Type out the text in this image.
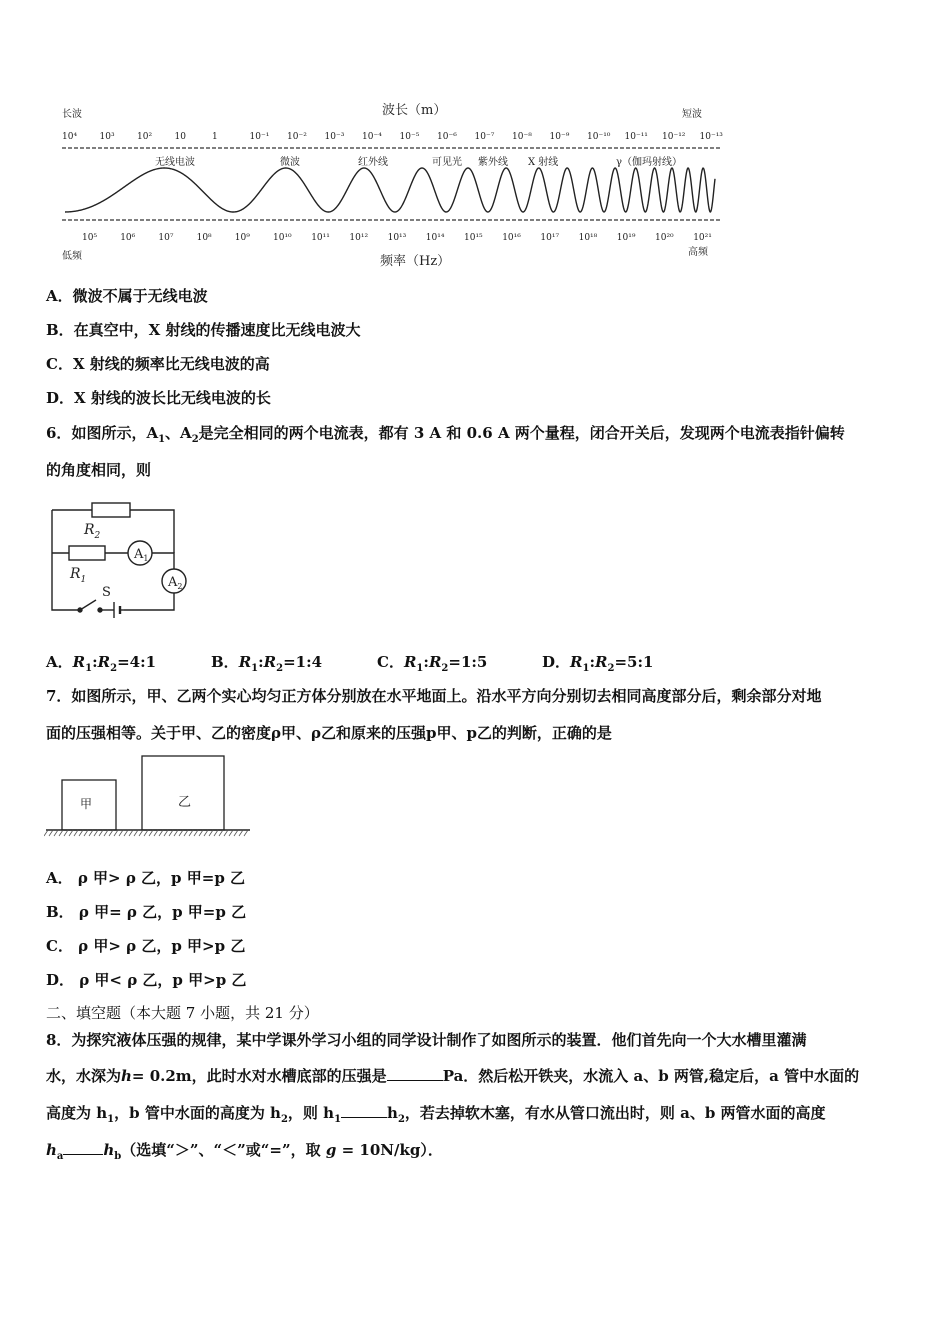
波长（m）
长波	短波
10⁴ 10³ 10² 10	1	10⁻¹ 10⁻² 10⁻³ 10⁻⁴ 10⁻⁵ 10⁻⁶ 10⁻⁷ 10⁻⁸ 10⁻⁹ 10⁻¹⁰ 10⁻¹¹ 10⁻¹² 10⁻¹³
无线电波	微波	红外线	可见光 紫外线 X 射线	γ（伽玛射线）
10⁵	10⁶	10⁷	10⁸	10⁹	10¹⁰ 10¹¹ 10¹² 10¹³ 10¹⁴ 10¹⁵ 10¹⁶ 10¹⁷ 10¹⁸ 10¹⁹ 10²⁰ 10²¹
低频	高频
频率（Hz）
A．微波不属于无线电波
B．在真空中，X 射线的传播速度比无线电波大
C．X 射线的频率比无线电波的高
D．X 射线的波长比无线电波的长
6．如图所示，$A_1$、$A_2$是完全相同的两个电流表，都有 3 A 和 0.6 A 两个量程，闭合开关后，发现两个电流表指针偏转
的角度相同，则
$R_2$
$R_1$
$A_1$
$A_2$
S
A．$R_1:R_2=4:1$	B．$R_1:R_2=1:4$	C．$R_1:R_2=1:5$	D．$R_1:R_2=5:1$
7．如图所示，甲、乙两个实心均匀正方体分别放在水平地面上。沿水平方向分别切去相同高度部分后，剩余部分对地
面的压强相等。关于甲、乙的密度ρ甲、ρ乙和原来的压强p甲、p乙的判断，正确的是
甲	乙
A． ρ 甲> ρ 乙，p 甲=p 乙
B． ρ 甲= ρ 乙，p 甲=p 乙
C． ρ 甲> ρ 乙，p 甲>p 乙
D． ρ 甲< ρ 乙，p 甲>p 乙
二、填空题（本大题 7 小题，共 21 分）
8．为探究液体压强的规律，某中学课外学习小组的同学设计制作了如图所示的装置．他们首先向一个大水槽里灌满
水，水深为h= 0.2m，此时水对水槽底部的压强是	Pa．然后松开铁夹，水流入 a、b 两管,稳定后，a 管中水面的
高度为 $h_1$，b 管中水面的高度为 $h_2$，则 $h_1$	$h_2$，若去掉软木塞，有水从管口流出时，则 a、b 两管水面的高度
$h_a$	$h_b$（选填“＞”、“＜”或“=”，取 g = 10N/kg）．
